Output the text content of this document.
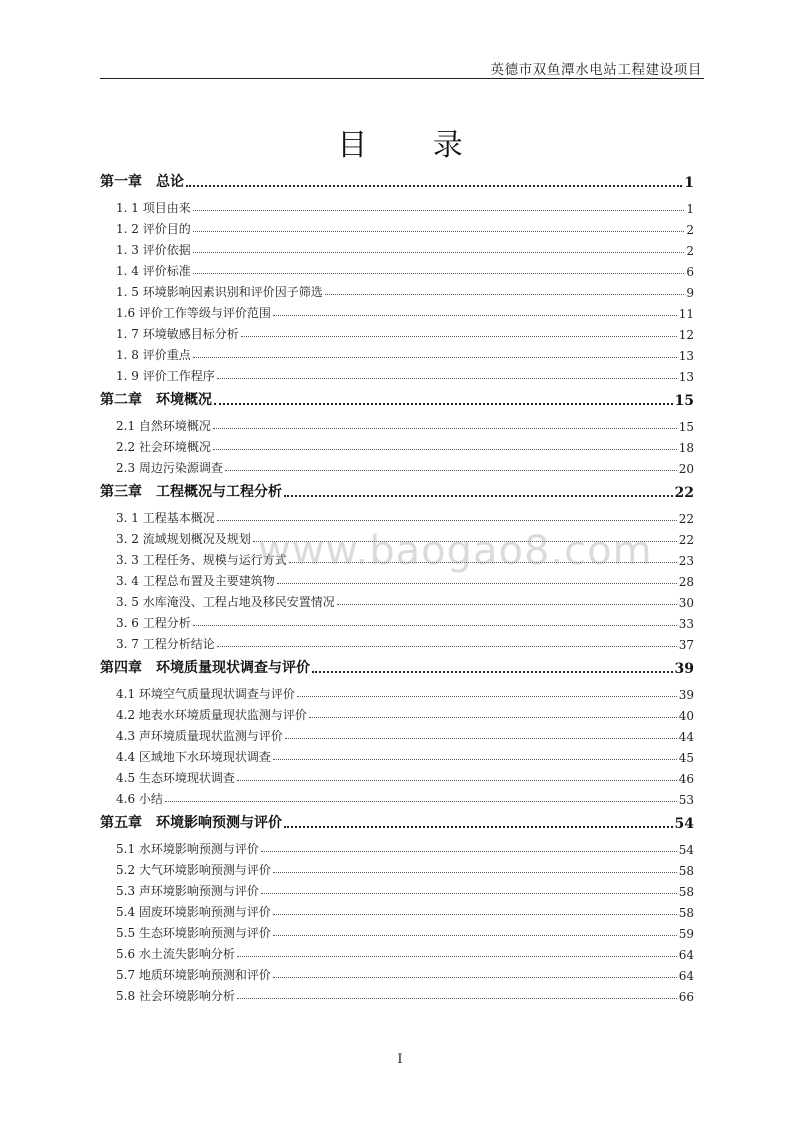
英德市双鱼潭水电站工程建设项目
目 录
第一章　总论	1
1. 1 项目由来	1
1. 2 评价目的	2
1. 3 评价依据	2
1. 4 评价标准	6
1. 5 环境影响因素识别和评价因子筛选	9
1.6 评价工作等级与评价范围	11
1. 7 环境敏感目标分析	12
1. 8 评价重点	13
1. 9 评价工作程序	13
第二章　环境概况	15
2.1 自然环境概况	15
2.2 社会环境概况	18
2.3 周边污染源调查	20
第三章　工程概况与工程分析	22
3. 1 工程基本概况	22
3. 2 流域规划概况及规划	22
3. 3 工程任务、规模与运行方式	23
3. 4 工程总布置及主要建筑物	28
3. 5 水库淹没、工程占地及移民安置情况	30
3. 6 工程分析	33
3. 7 工程分析结论	37
第四章　环境质量现状调查与评价	39
4.1 环境空气质量现状调查与评价	39
4.2 地表水环境质量现状监测与评价	40
4.3 声环境质量现状监测与评价	44
4.4 区域地下水环境现状调查	45
4.5 生态环境现状调查	46
4.6 小结	53
第五章　环境影响预测与评价	54
5.1 水环境影响预测与评价	54
5.2 大气环境影响预测与评价	58
5.3 声环境影响预测与评价	58
5.4 固废环境影响预测与评价	58
5.5 生态环境影响预测与评价	59
5.6 水土流失影响分析	64
5.7 地质环境影响预测和评价	64
5.8 社会环境影响分析	66
www.baogao8.com
I
